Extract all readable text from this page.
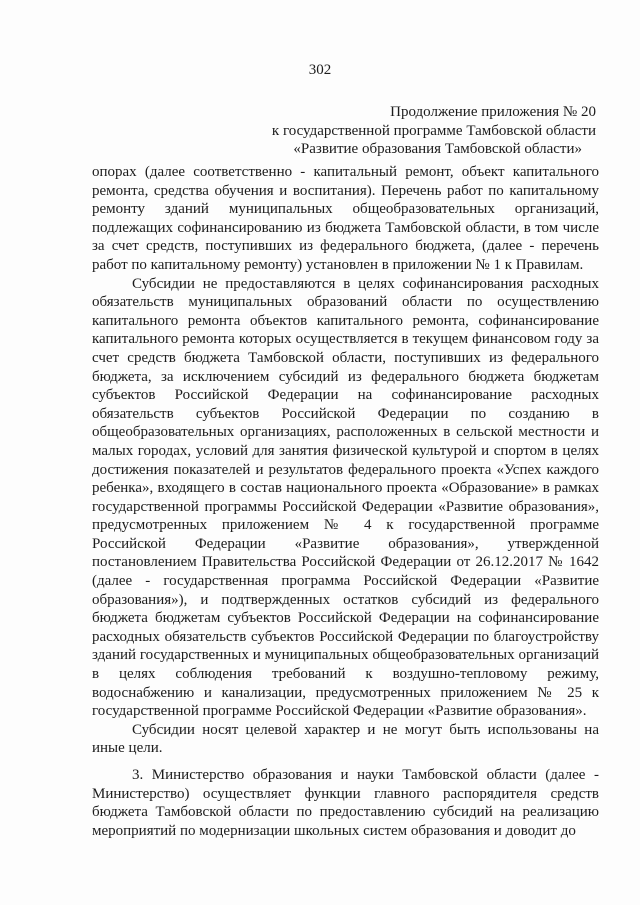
302
Продолжение приложения № 20
к государственной программе Тамбовской области
«Развитие образования Тамбовской области»

опорах (далее соответственно - капитальный ремонт, объект капитального ремонта, средства обучения и воспитания). Перечень работ по капитальному ремонту зданий муниципальных общеобразовательных организаций, подлежащих софинансированию из бюджета Тамбовской области, в том числе за счет средств, поступивших из федерального бюджета, (далее - перечень работ по капитальному ремонту) установлен в приложении № 1 к Правилам.

Субсидии не предоставляются в целях софинансирования расходных обязательств муниципальных образований области по осуществлению капитального ремонта объектов капитального ремонта, софинансирование капитального ремонта которых осуществляется в текущем финансовом году за счет средств бюджета Тамбовской области, поступивших из федерального бюджета, за исключением субсидий из федерального бюджета бюджетам субъектов Российской Федерации на софинансирование расходных обязательств субъектов Российской Федерации по созданию в общеобразовательных организациях, расположенных в сельской местности и малых городах, условий для занятия физической культурой и спортом в целях достижения показателей и результатов федерального проекта «Успех каждого ребенка», входящего в состав национального проекта «Образование» в рамках государственной программы Российской Федерации «Развитие образования», предусмотренных приложением № 4 к государственной программе Российской Федерации «Развитие образования», утвержденной постановлением Правительства Российской Федерации от 26.12.2017 № 1642 (далее - государственная программа Российской Федерации «Развитие образования»), и подтвержденных остатков субсидий из федерального бюджета бюджетам субъектов Российской Федерации на софинансирование расходных обязательств субъектов Российской Федерации по благоустройству зданий государственных и муниципальных общеобразовательных организаций в целях соблюдения требований к воздушно-тепловому режиму, водоснабжению и канализации, предусмотренных приложением № 25 к государственной программе Российской Федерации «Развитие образования».

Субсидии носят целевой характер и не могут быть использованы на иные цели.

3. Министерство образования и науки Тамбовской области (далее - Министерство) осуществляет функции главного распорядителя средств бюджета Тамбовской области по предоставлению субсидий на реализацию мероприятий по модернизации школьных систем образования и доводит до
